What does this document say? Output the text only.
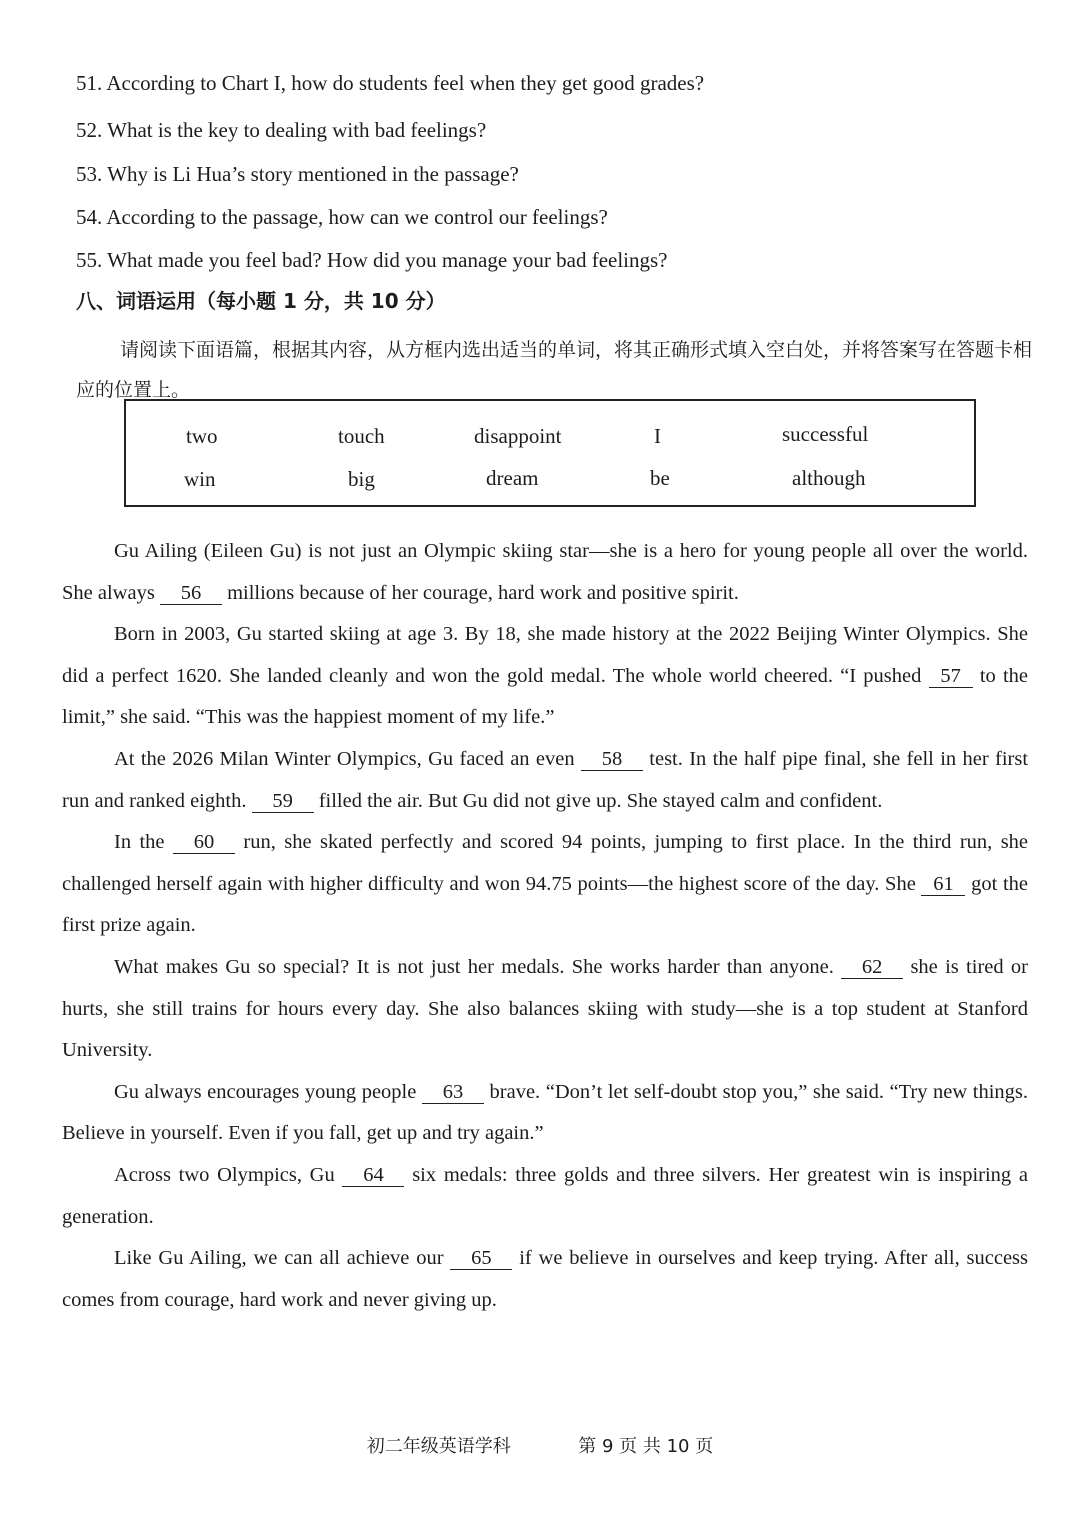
51. According to Chart I, how do students feel when they get good grades?
52. What is the key to dealing with bad feelings?
53. Why is Li Hua’s story mentioned in the passage?
54. According to the passage, how can we control our feelings?
55. What made you feel bad? How did you manage your bad feelings?
八、词语运用（每小题 1 分，共 10 分）
请阅读下面语篇，根据其内容，从方框内选出适当的单词，将其正确形式填入空白处，并将答案写在答题卡相应的位置上。
two	touch	disappoint	I	successful
win	big	dream	be	although

Gu Ailing (Eileen Gu) is not just an Olympic skiing star—she is a hero for young people all over the world. She always 56 millions because of her courage, hard work and positive spirit.

Born in 2003, Gu started skiing at age 3. By 18, she made history at the 2022 Beijing Winter Olympics. She did a perfect 1620. She landed cleanly and won the gold medal. The whole world cheered. “I pushed 57 to the limit,” she said. “This was the happiest moment of my life.”

At the 2026 Milan Winter Olympics, Gu faced an even 58 test. In the half pipe final, she fell in her first run and ranked eighth. 59 filled the air. But Gu did not give up. She stayed calm and confident.

In the 60 run, she skated perfectly and scored 94 points, jumping to first place. In the third run, she challenged herself again with higher difficulty and won 94.75 points—the highest score of the day. She 61 got the first prize again.

What makes Gu so special? It is not just her medals. She works harder than anyone. 62 she is tired or hurts, she still trains for hours every day. She also balances skiing with study—she is a top student at Stanford University.

Gu always encourages young people 63 brave. “Don’t let self-doubt stop you,” she said. “Try new things. Believe in yourself. Even if you fall, get up and try again.”

Across two Olympics, Gu 64 six medals: three golds and three silvers. Her greatest win is inspiring a generation.

Like Gu Ailing, we can all achieve our 65 if we believe in ourselves and keep trying. After all, success comes from courage, hard work and never giving up.

初二年级英语学科	第 9 页 共 10 页
